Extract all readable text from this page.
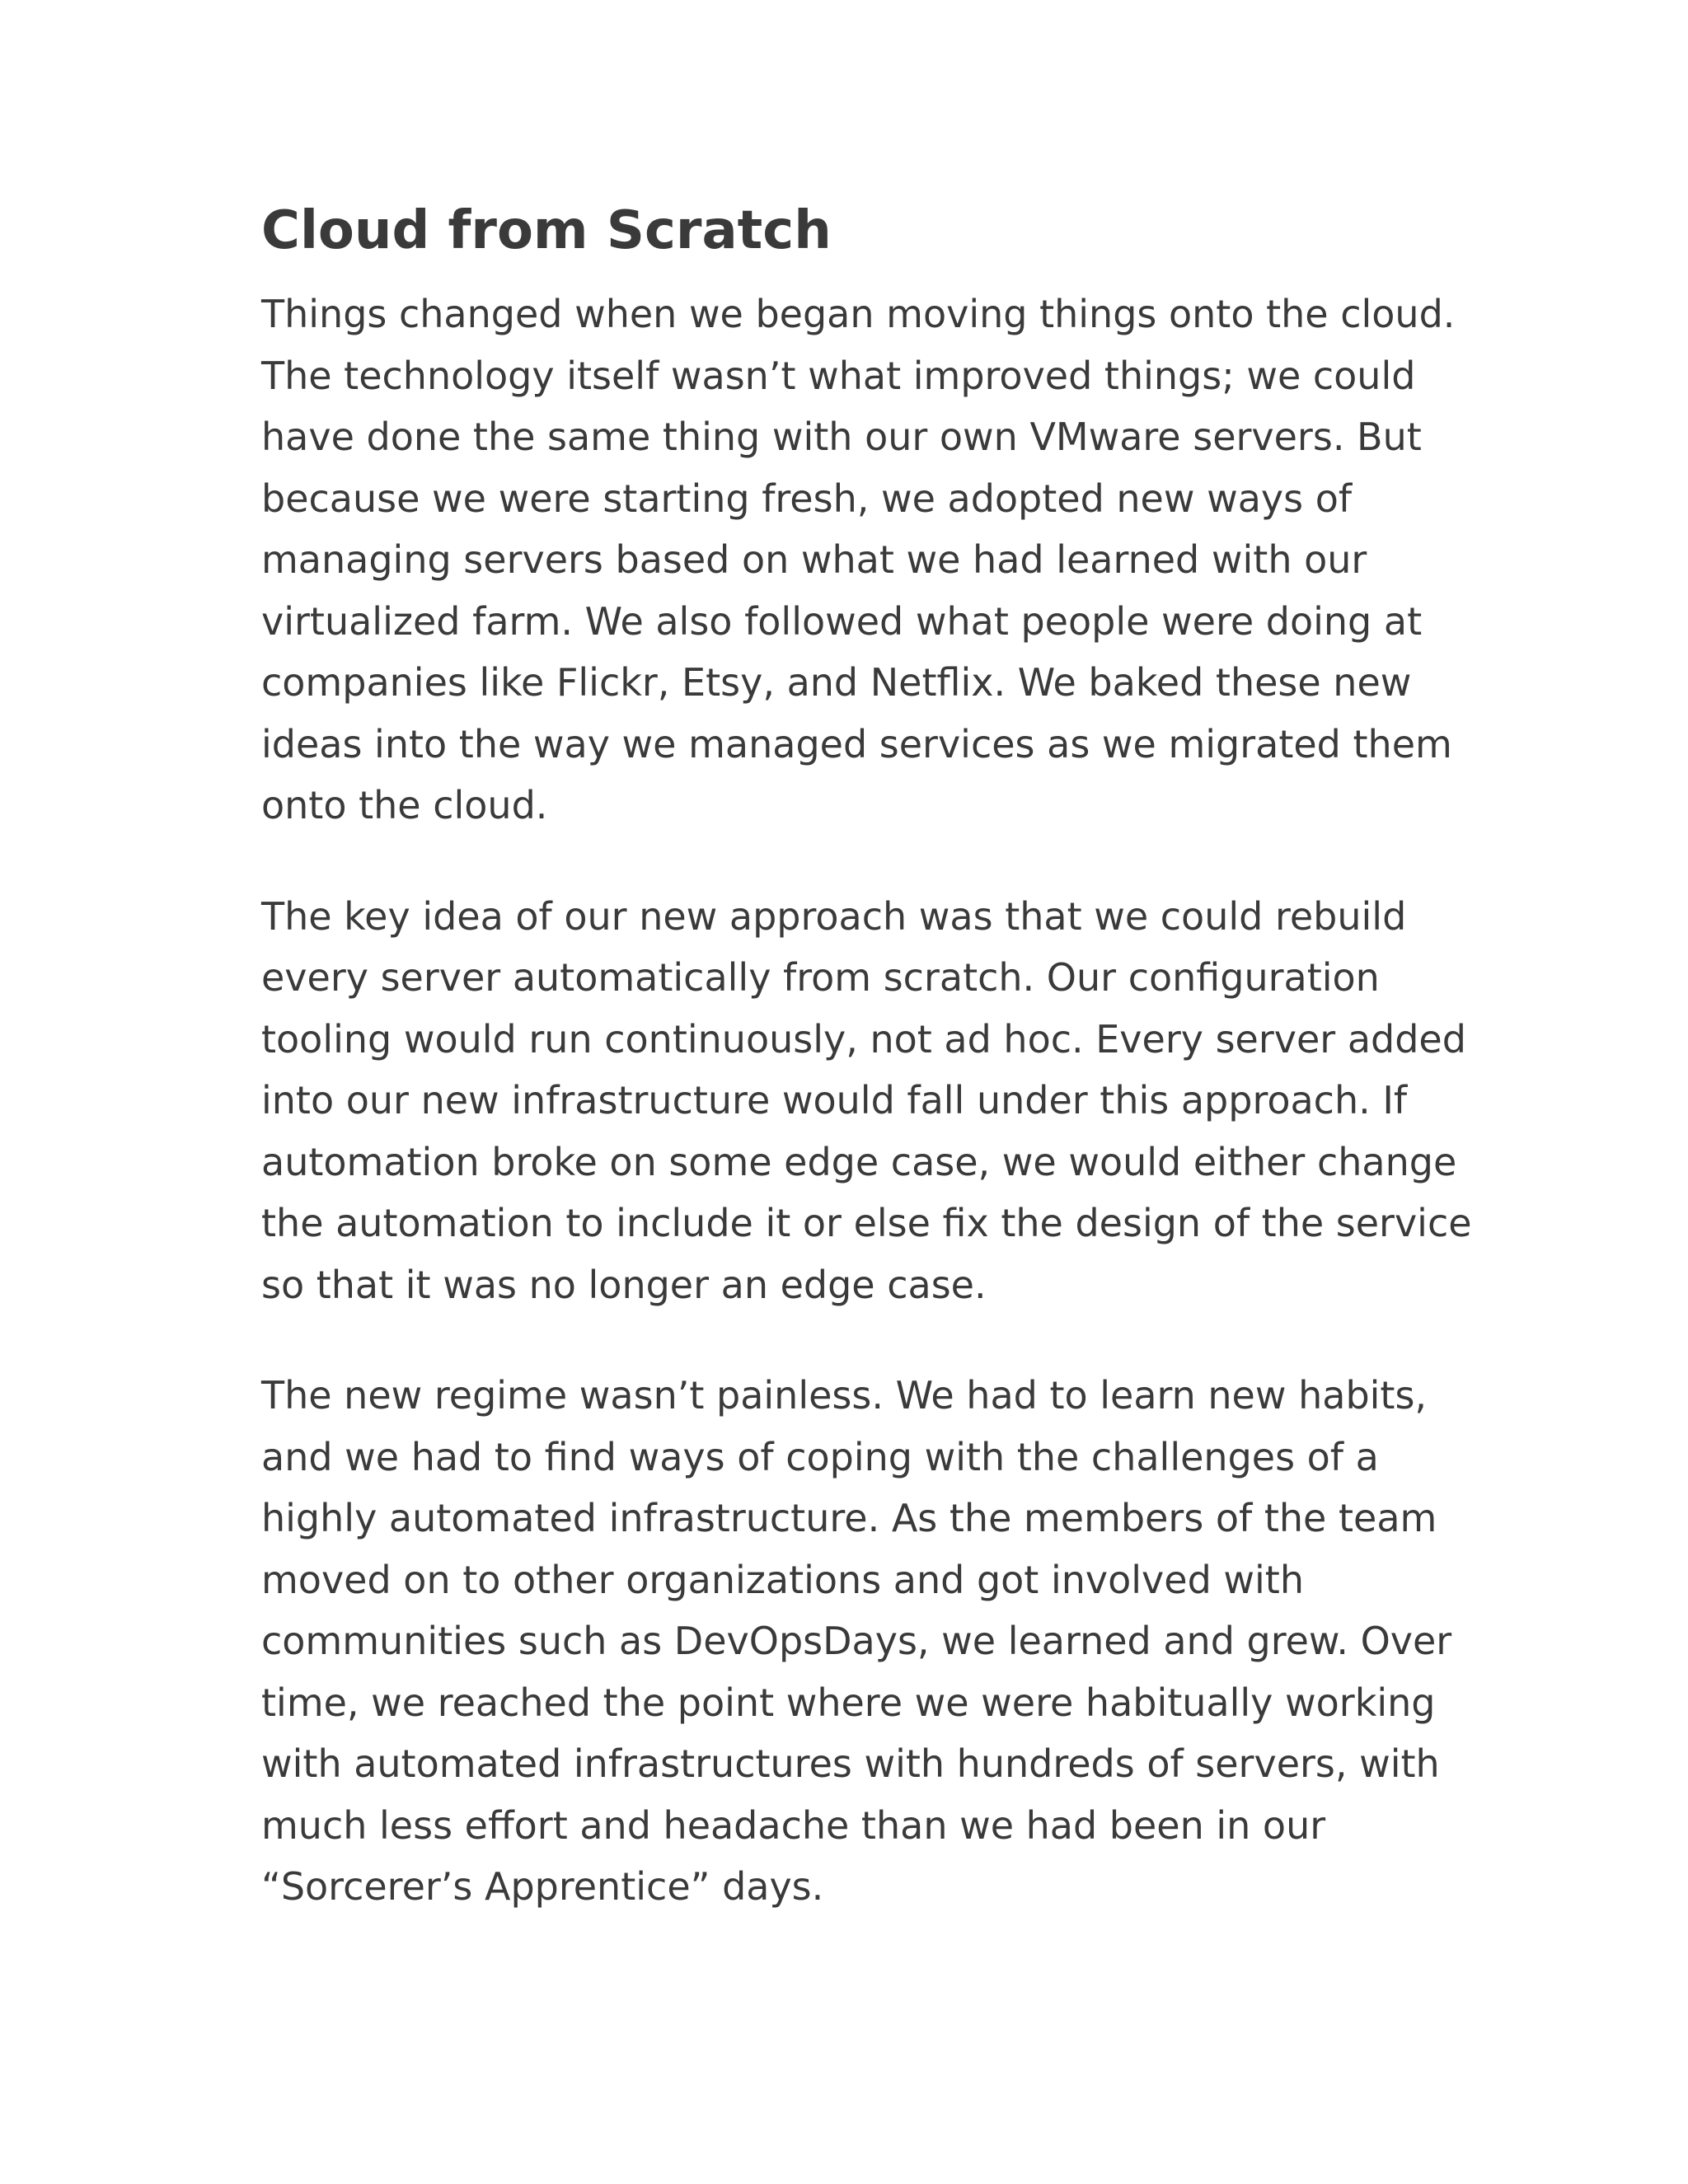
Cloud from Scratch
Things changed when we began moving things onto the cloud.
The technology itself wasn’t what improved things; we could
have done the same thing with our own VMware servers. But
because we were starting fresh, we adopted new ways of
managing servers based on what we had learned with our
virtualized farm. We also followed what people were doing at
companies like Flickr, Etsy, and Netflix. We baked these new
ideas into the way we managed services as we migrated them
onto the cloud.
The key idea of our new approach was that we could rebuild
every server automatically from scratch. Our configuration
tooling would run continuously, not ad hoc. Every server added
into our new infrastructure would fall under this approach. If
automation broke on some edge case, we would either change
the automation to include it or else fix the design of the service
so that it was no longer an edge case.
The new regime wasn’t painless. We had to learn new habits,
and we had to find ways of coping with the challenges of a
highly automated infrastructure. As the members of the team
moved on to other organizations and got involved with
communities such as DevOpsDays, we learned and grew. Over
time, we reached the point where we were habitually working
with automated infrastructures with hundreds of servers, with
much less effort and headache than we had been in our
“Sorcerer’s Apprentice” days.
